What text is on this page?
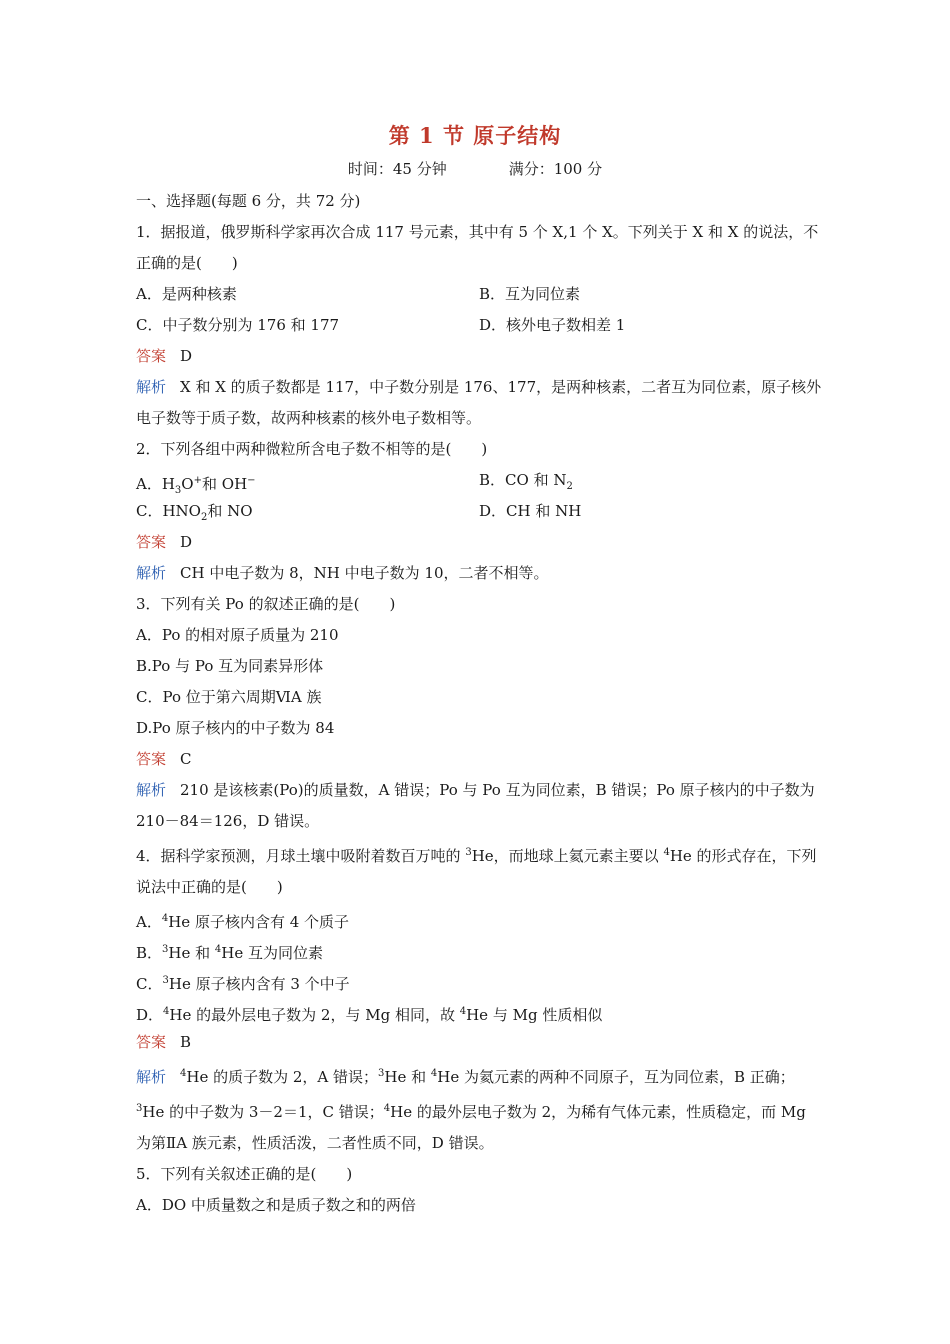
第 1 节 原子结构
时间：45 分钟	满分：100 分
一、选择题(每题 6 分，共 72 分)
1．据报道，俄罗斯科学家再次合成 117 号元素，其中有 5 个 X,1 个 X。下列关于 X 和 X 的说法，不正确的是(　　)
A．是两种核素	B．互为同位素
C．中子数分别为 176 和 177	D．核外电子数相差 1
答案 D
解析 X 和 X 的质子数都是 117，中子数分别是 176、177，是两种核素，二者互为同位素，原子核外电子数等于质子数，故两种核素的核外电子数相等。
2．下列各组中两种微粒所含电子数不相等的是(　　)
A．$H_3O^+$和 OH−	B．CO 和 $N_2$
C．$HNO_2$和 NO	D．CH 和 NH
答案 D
解析 CH 中电子数为 8，NH 中电子数为 10，二者不相等。
3．下列有关 Po 的叙述正确的是(　　)
A．Po 的相对原子质量为 210
B.Po 与 Po 互为同素异形体
C．Po 位于第六周期ⅥA 族
D.Po 原子核内的中子数为 84
答案 C
解析 210 是该核素(Po)的质量数，A 错误；Po 与 Po 互为同位素，B 错误；Po 原子核内的中子数为 210－84＝126，D 错误。
4．据科学家预测，月球土壤中吸附着数百万吨的 $^3$He，而地球上氦元素主要以 $^4$He 的形式存在，下列说法中正确的是(　　)
A．$^4$He 原子核内含有 4 个质子
B．$^3$He 和 $^4$He 互为同位素
C．$^3$He 原子核内含有 3 个中子
D．$^4$He 的最外层电子数为 2，与 Mg 相同，故 $^4$He 与 Mg 性质相似
答案 B
解析 $^4$He 的质子数为 2，A 错误；$^3$He 和 $^4$He 为氦元素的两种不同原子，互为同位素，B 正确；$^3$He 的中子数为 3－2＝1，C 错误；$^4$He 的最外层电子数为 2，为稀有气体元素，性质稳定，而 Mg 为第ⅡA 族元素，性质活泼，二者性质不同，D 错误。
5．下列有关叙述正确的是(　　)
A．DO 中质量数之和是质子数之和的两倍
